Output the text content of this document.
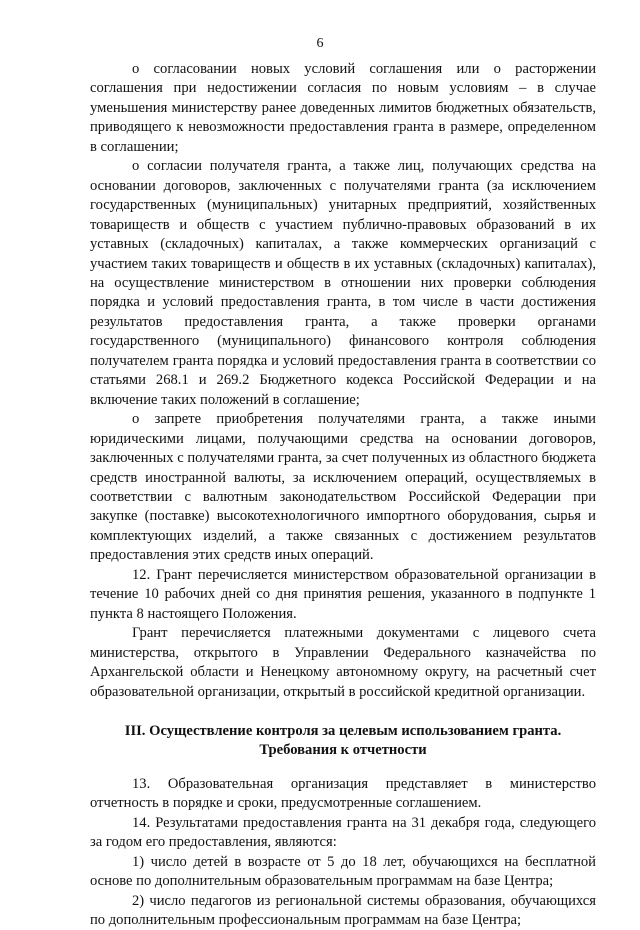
6

о согласовании новых условий соглашения или о расторжении соглашения при недостижении согласия по новым условиям – в случае уменьшения министерству ранее доведенных лимитов бюджетных обязательств, приводящего к невозможности предоставления гранта в размере, определенном в соглашении;

о согласии получателя гранта, а также лиц, получающих средства на основании договоров, заключенных с получателями гранта (за исключением государственных (муниципальных) унитарных предприятий, хозяйственных товариществ и обществ с участием публично-правовых образований в их уставных (складочных) капиталах, а также коммерческих организаций с участием таких товариществ и обществ в их уставных (складочных) капиталах), на осуществление министерством в отношении них проверки соблюдения порядка и условий предоставления гранта, в том числе в части достижения результатов предоставления гранта, а также проверки органами государственного (муниципального) финансового контроля соблюдения получателем гранта порядка и условий предоставления гранта в соответствии со статьями 268.1 и 269.2 Бюджетного кодекса Российской Федерации и на включение таких положений в соглашение;

о запрете приобретения получателями гранта, а также иными юридическими лицами, получающими средства на основании договоров, заключенных с получателями гранта, за счет полученных из областного бюджета средств иностранной валюты, за исключением операций, осуществляемых в соответствии с валютным законодательством Российской Федерации при закупке (поставке) высокотехнологичного импортного оборудования, сырья и комплектующих изделий, а также связанных с достижением результатов предоставления этих средств иных операций.

12. Грант перечисляется министерством образовательной организации в течение 10 рабочих дней со дня принятия решения, указанного в подпункте 1 пункта 8 настоящего Положения.

Грант перечисляется платежными документами с лицевого счета министерства, открытого в Управлении Федерального казначейства по Архангельской области и Ненецкому автономному округу, на расчетный счет образовательной организации, открытый в российской кредитной организации.

III. Осуществление контроля за целевым использованием гранта.

Требования к отчетности

13. Образовательная организация представляет в министерство отчетность в порядке и сроки, предусмотренные соглашением.

14. Результатами предоставления гранта на 31 декабря года, следующего за годом его предоставления, являются:

1) число детей в возрасте от 5 до 18 лет, обучающихся на бесплатной основе по дополнительным образовательным программам на базе Центра;

2) число педагогов из региональной системы образования, обучающихся по дополнительным профессиональным программам на базе Центра;
